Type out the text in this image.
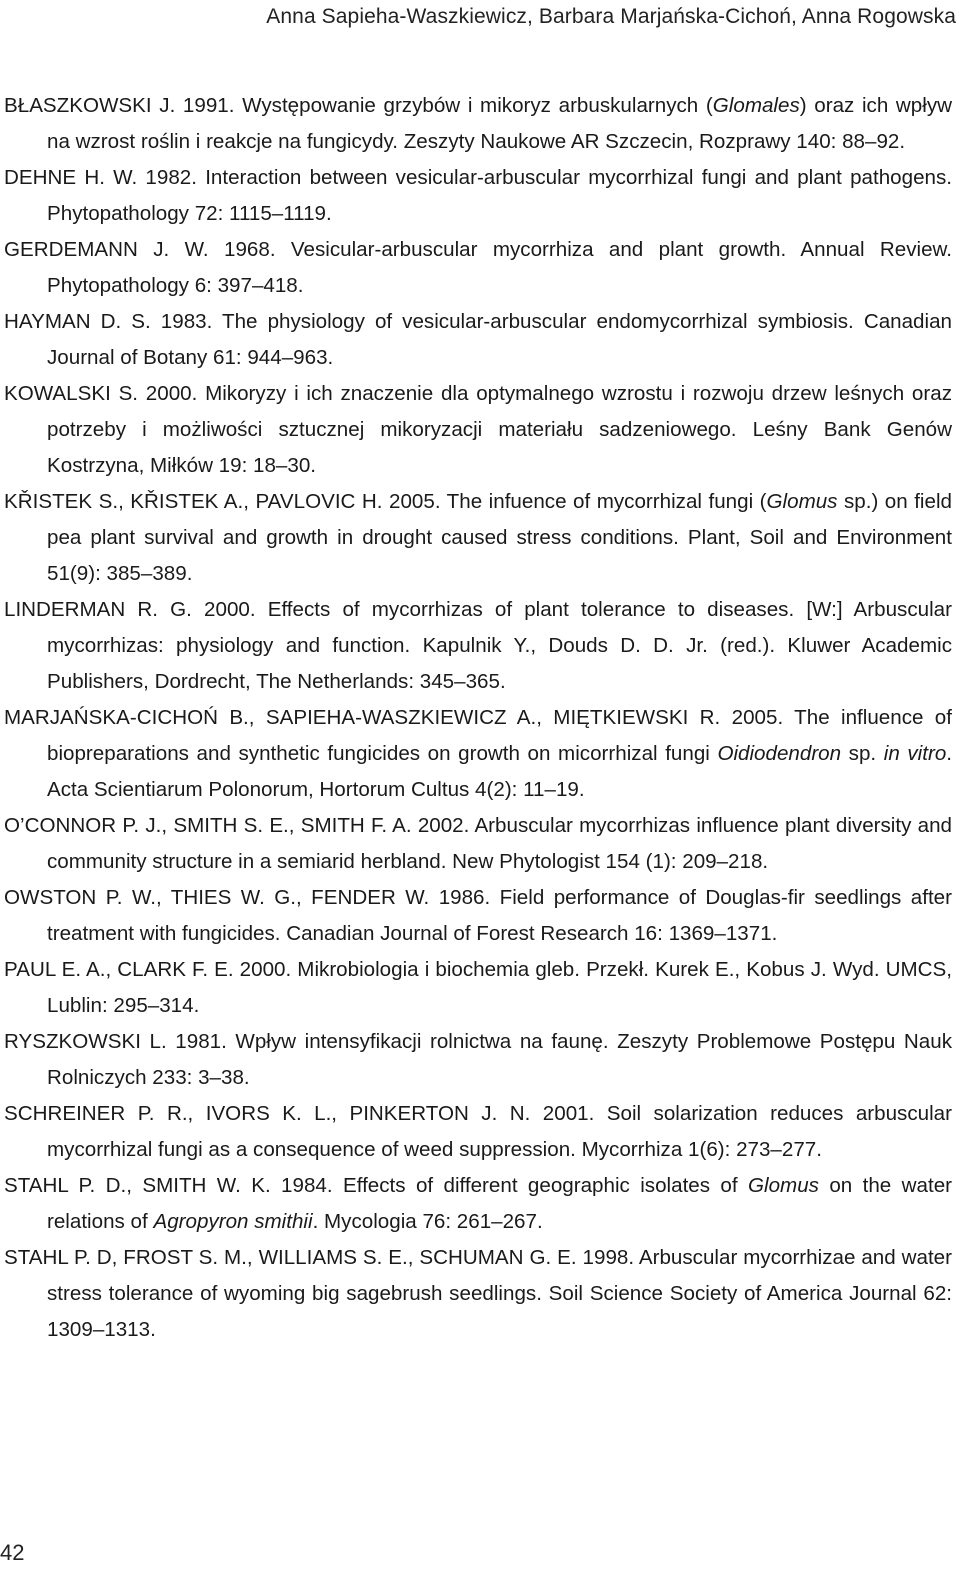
Anna Sapieha-Waszkiewicz, Barbara Marjańska-Cichoń, Anna Rogowska
BŁASZKOWSKI J. 1991. Występowanie grzybów i mikoryz arbuskularnych (Glomales) oraz ich wpływ na wzrost roślin i reakcje na fungicydy. Zeszyty Naukowe AR Szczecin, Rozprawy 140: 88–92.
DEHNE H. W. 1982. Interaction between vesicular-arbuscular mycorrhizal fungi and plant pathogens. Phytopathology 72: 1115–1119.
GERDEMANN J. W. 1968. Vesicular-arbuscular mycorrhiza and plant growth. Annual Review. Phytopathology 6: 397–418.
HAYMAN D. S. 1983. The physiology of vesicular-arbuscular endomycorrhizal symbiosis. Canadian Journal of Botany 61: 944–963.
KOWALSKI S. 2000. Mikoryzy i ich znaczenie dla optymalnego wzrostu i rozwoju drzew leśnych oraz potrzeby i możliwości sztucznej mikoryzacji materiału sadzeniowego. Leśny Bank Genów Kostrzyna, Miłków 19: 18–30.
KŘISTEK S., KŘISTEK A., PAVLOVIC H. 2005. The infuence of mycorrhizal fungi (Glomus sp.) on field pea plant survival and growth in drought caused stress conditions. Plant, Soil and Environment 51(9): 385–389.
LINDERMAN R. G. 2000. Effects of mycorrhizas of plant tolerance to diseases. [W:] Arbuscular mycorrhizas: physiology and function. Kapulnik Y., Douds D. D. Jr. (red.). Kluwer Academic Publishers, Dordrecht, The Netherlands: 345–365.
MARJAŃSKA-CICHOŃ B., SAPIEHA-WASZKIEWICZ A., MIĘTKIEWSKI R. 2005. The influence of biopreparations and synthetic fungicides on growth on micorrhizal fungi Oidiodendron sp. in vitro. Acta Scientiarum Polonorum, Hortorum Cultus 4(2): 11–19.
O’CONNOR P. J., SMITH S. E., SMITH F. A. 2002. Arbuscular mycorrhizas influence plant diversity and community structure in a semiarid herbland. New Phytologist 154 (1): 209–218.
OWSTON P. W., THIES W. G., FENDER W. 1986. Field performance of Douglas-fir seedlings after treatment with fungicides. Canadian Journal of Forest Research 16: 1369–1371.
PAUL E. A., CLARK F. E. 2000. Mikrobiologia i biochemia gleb. Przekł. Kurek E., Kobus J. Wyd. UMCS, Lublin: 295–314.
RYSZKOWSKI L. 1981. Wpływ intensyfikacji rolnictwa na faunę. Zeszyty Problemowe Postępu Nauk Rolniczych 233: 3–38.
SCHREINER P. R., IVORS K. L., PINKERTON J. N. 2001. Soil solarization reduces arbuscular mycorrhizal fungi as a consequence of weed suppression. Mycorrhiza 1(6): 273–277.
STAHL P. D., SMITH W. K. 1984. Effects of different geographic isolates of Glomus on the water relations of Agropyron smithii. Mycologia 76: 261–267.
STAHL P. D, FROST S. M., WILLIAMS S. E., SCHUMAN G. E. 1998. Arbuscular mycorrhizae and water stress tolerance of wyoming big sagebrush seedlings. Soil Science Society of America Journal 62: 1309–1313.
42
